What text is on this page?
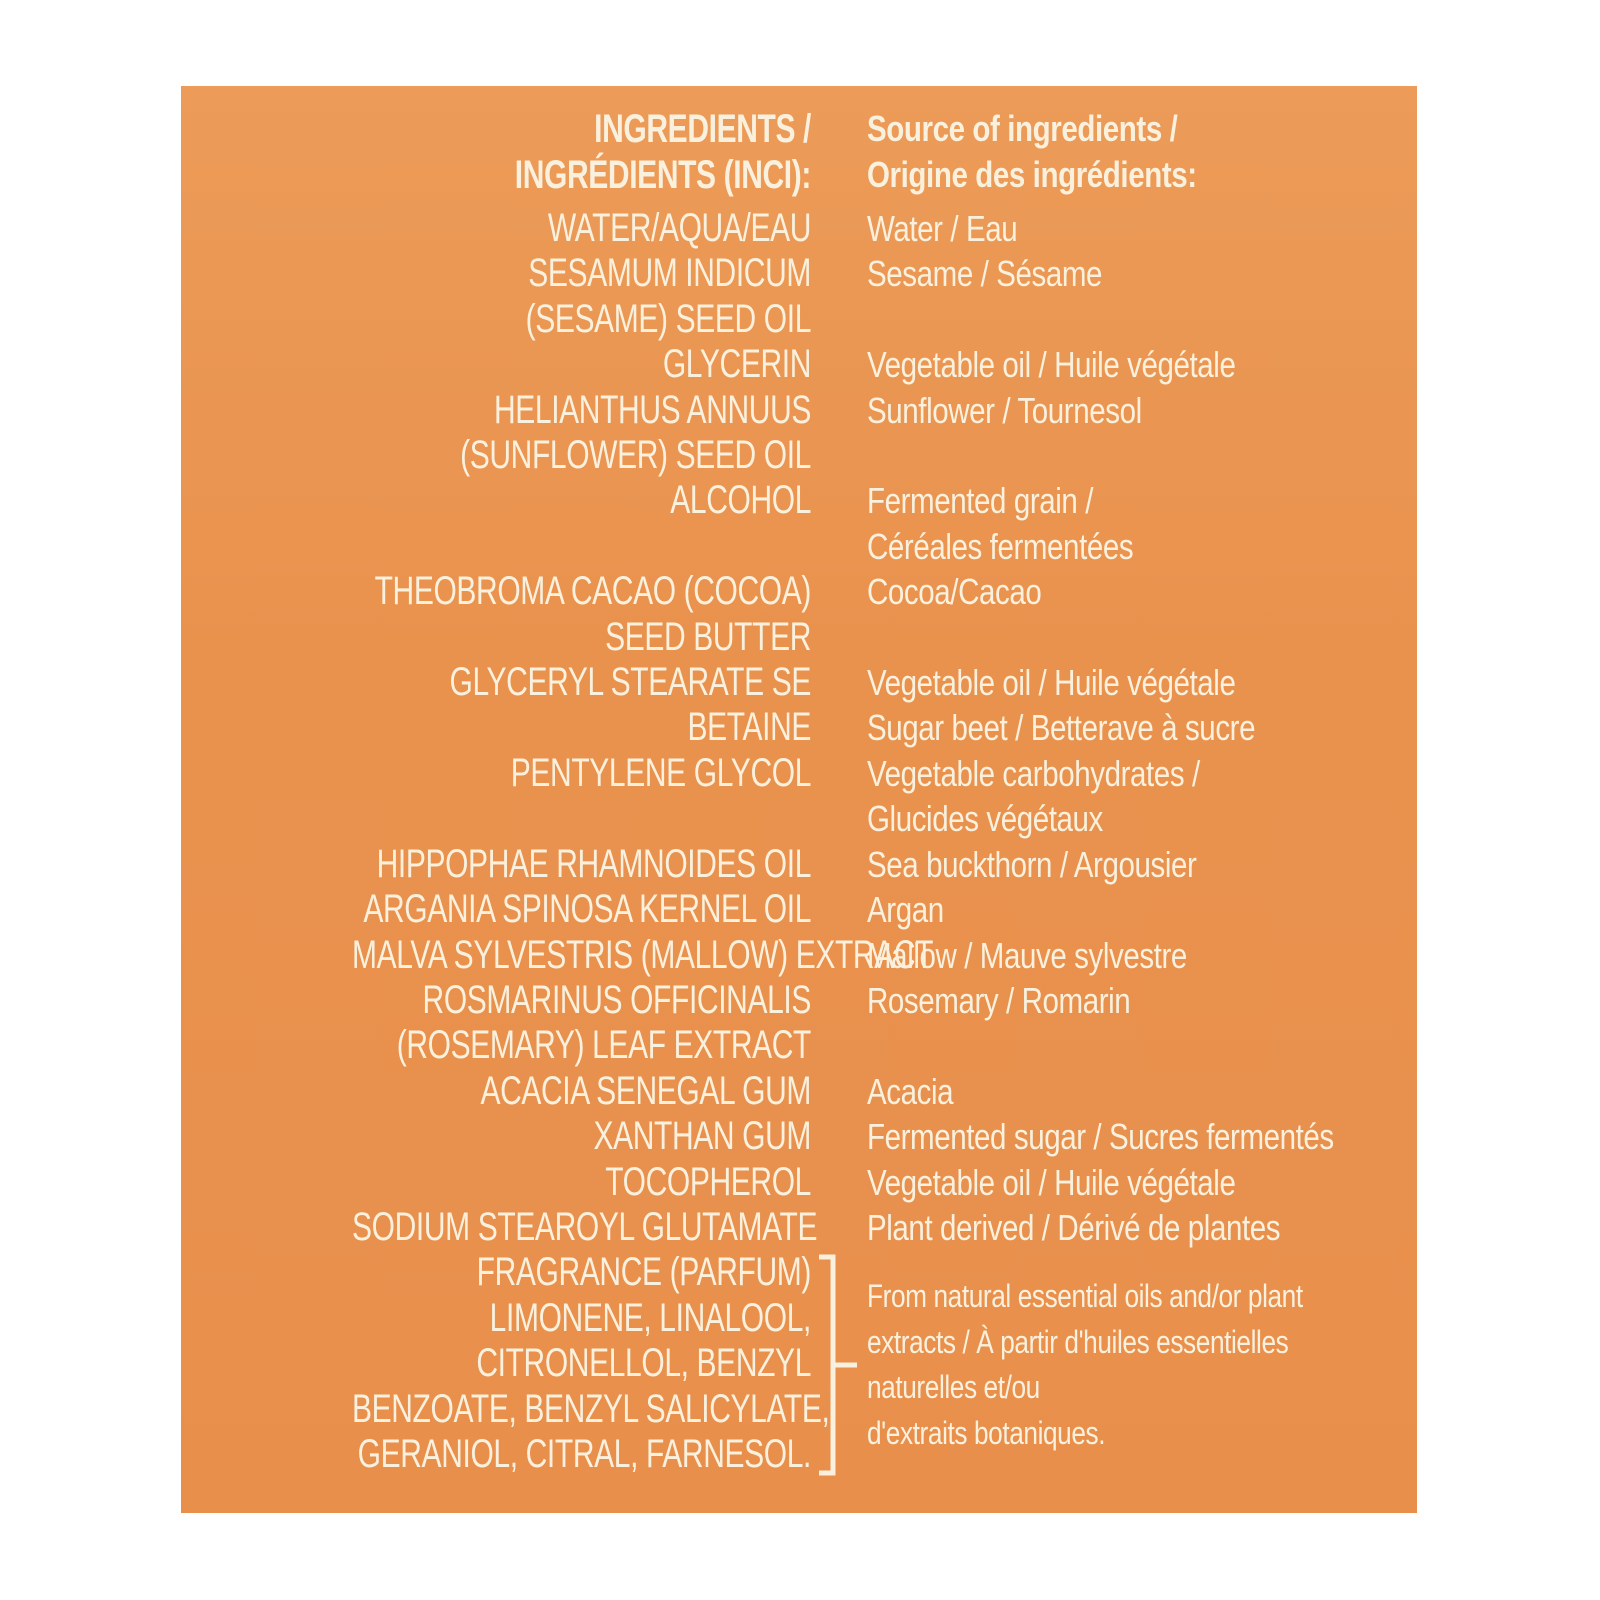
INGREDIENTS /
INGRÉDIENTS (INCI):
Source of ingredients /
Origine des ingrédients:
WATER/AQUA/EAU Water / Eau
SESAMUM INDICUM
(SESAME) SEED OIL
Sesame / Sésame
GLYCERIN Vegetable oil / Huile végétale
HELIANTHUS ANNUUS
(SUNFLOWER) SEED OIL
Sunflower / Tournesol
ALCOHOL Fermented grain /
Céréales fermentées
THEOBROMA CACAO (COCOA)
SEED BUTTER
Cocoa/Cacao
GLYCERYL STEARATE SE Vegetable oil / Huile végétale
BETAINE Sugar beet / Betterave à sucre
PENTYLENE GLYCOL Vegetable carbohydrates /
Glucides végétaux
HIPPOPHAE RHAMNOIDES OIL Sea buckthorn / Argousier
ARGANIA SPINOSA KERNEL OIL Argan
MALVA SYLVESTRIS (MALLOW) EXTRACT
Mallow / Mauve sylvestre
ROSMARINUS OFFICINALIS
(ROSEMARY) LEAF EXTRACT
Rosemary / Romarin
ACACIA SENEGAL GUM Acacia
XANTHAN GUM Fermented sugar / Sucres fermentés
TOCOPHEROL Vegetable oil / Huile végétale
SODIUM STEAROYL GLUTAMATE Plant derived / Dérivé de plantes
FRAGRANCE (PARFUM)
LIMONENE, LINALOOL,
CITRONELLOL, BENZYL
BENZOATE, BENZYL SALICYLATE,
GERANIOL, CITRAL, FARNESOL.
From natural essential oils and/or plant
extracts / À partir d'huiles essentielles
naturelles et/ou
d'extraits botaniques.
